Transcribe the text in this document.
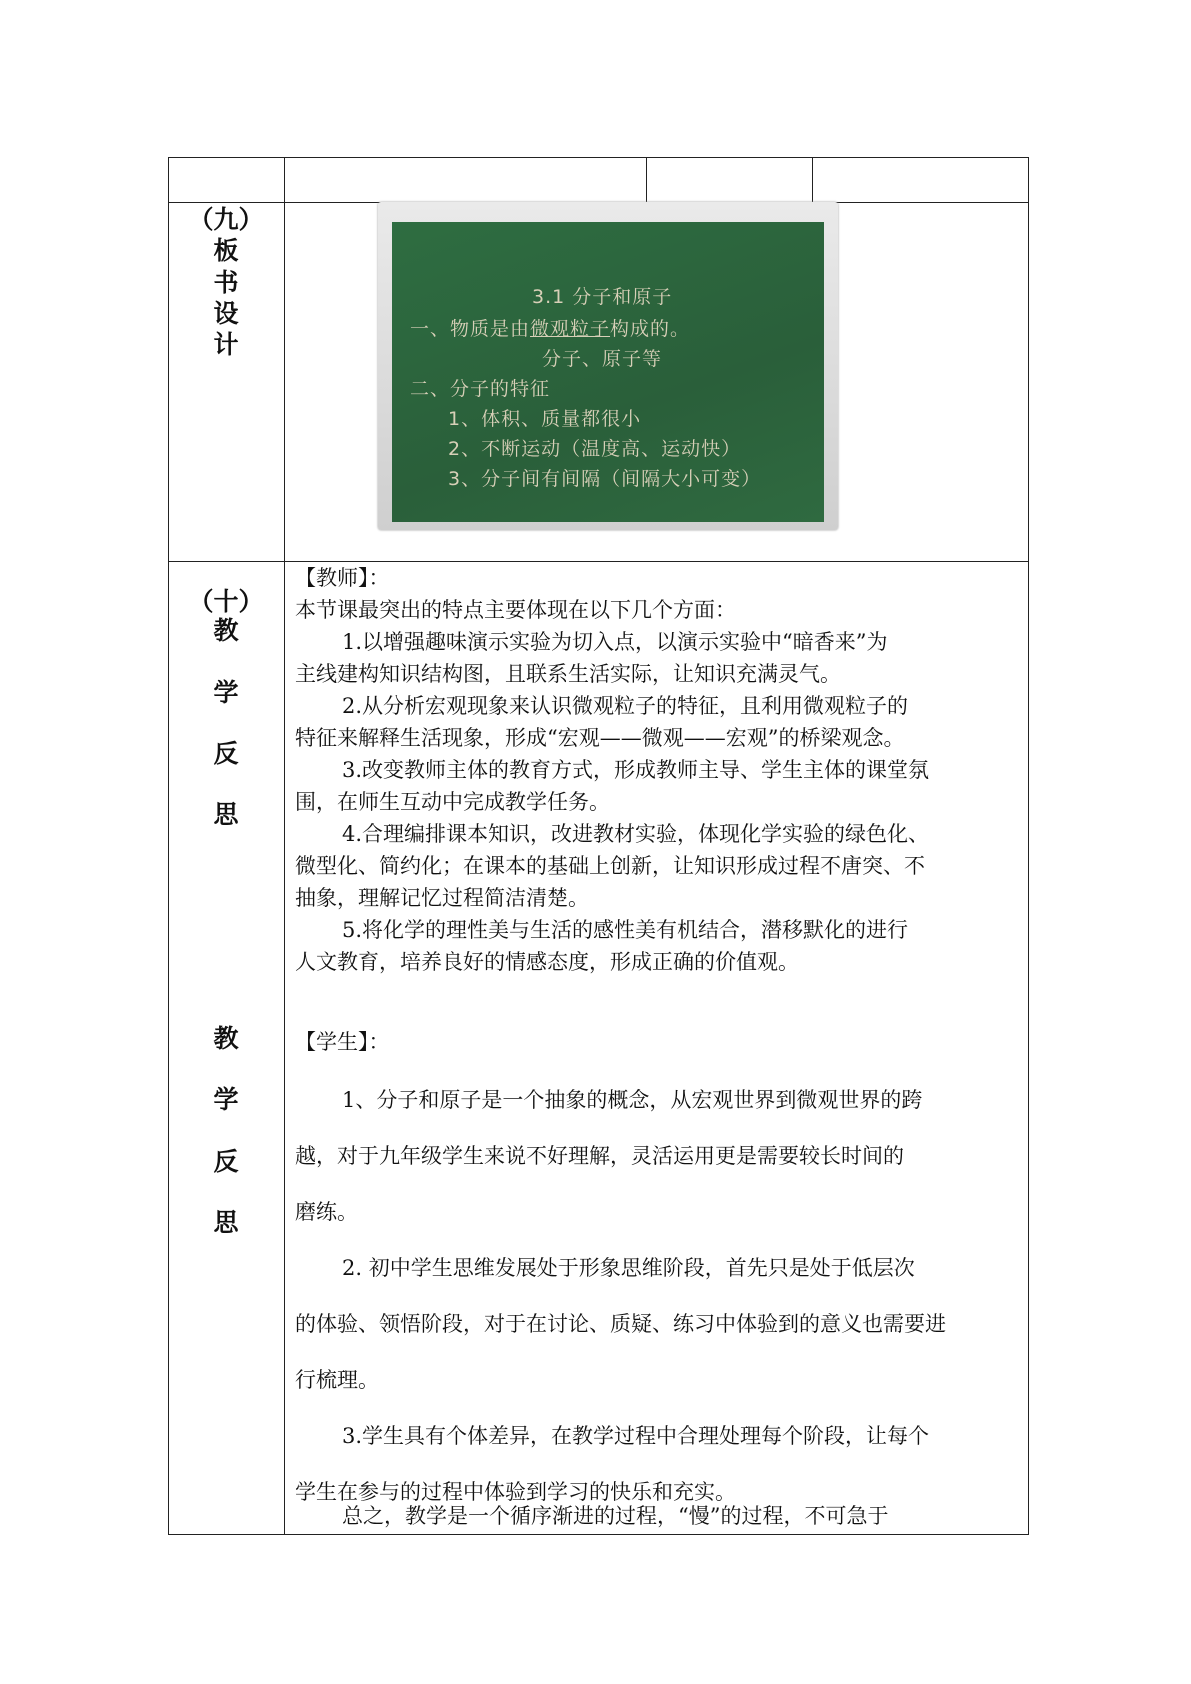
（九）
板
书
设
计
3.1 分子和原子
一、物质是由微观粒子构成的。
分子、原子等
二、分子的特征
1、体积、质量都很小
2、不断运动（温度高、运动快）
3、分子间有间隔（间隔大小可变）
（十）
教
学
反
思
教
学
反
思
【教师】：
本节课最突出的特点主要体现在以下几个方面：
1.以增强趣味演示实验为切入点，以演示实验中“暗香来”为
主线建构知识结构图，且联系生活实际，让知识充满灵气。
2.从分析宏观现象来认识微观粒子的特征，且利用微观粒子的
特征来解释生活现象，形成“宏观——微观——宏观”的桥梁观念。
3.改变教师主体的教育方式，形成教师主导、学生主体的课堂氛
围，在师生互动中完成教学任务。
4.合理编排课本知识，改进教材实验，体现化学实验的绿色化、
微型化、简约化；在课本的基础上创新，让知识形成过程不唐突、不
抽象，理解记忆过程简洁清楚。
5.将化学的理性美与生活的感性美有机结合，潜移默化的进行
人文教育，培养良好的情感态度，形成正确的价值观。
【学生】：
1、分子和原子是一个抽象的概念，从宏观世界到微观世界的跨
越，对于九年级学生来说不好理解，灵活运用更是需要较长时间的
磨练。
2. 初中学生思维发展处于形象思维阶段，首先只是处于低层次
的体验、领悟阶段，对于在讨论、质疑、练习中体验到的意义也需要进
行梳理。
3.学生具有个体差异，在教学过程中合理处理每个阶段，让每个
学生在参与的过程中体验到学习的快乐和充实。
总之，教学是一个循序渐进的过程，“慢”的过程，不可急于
